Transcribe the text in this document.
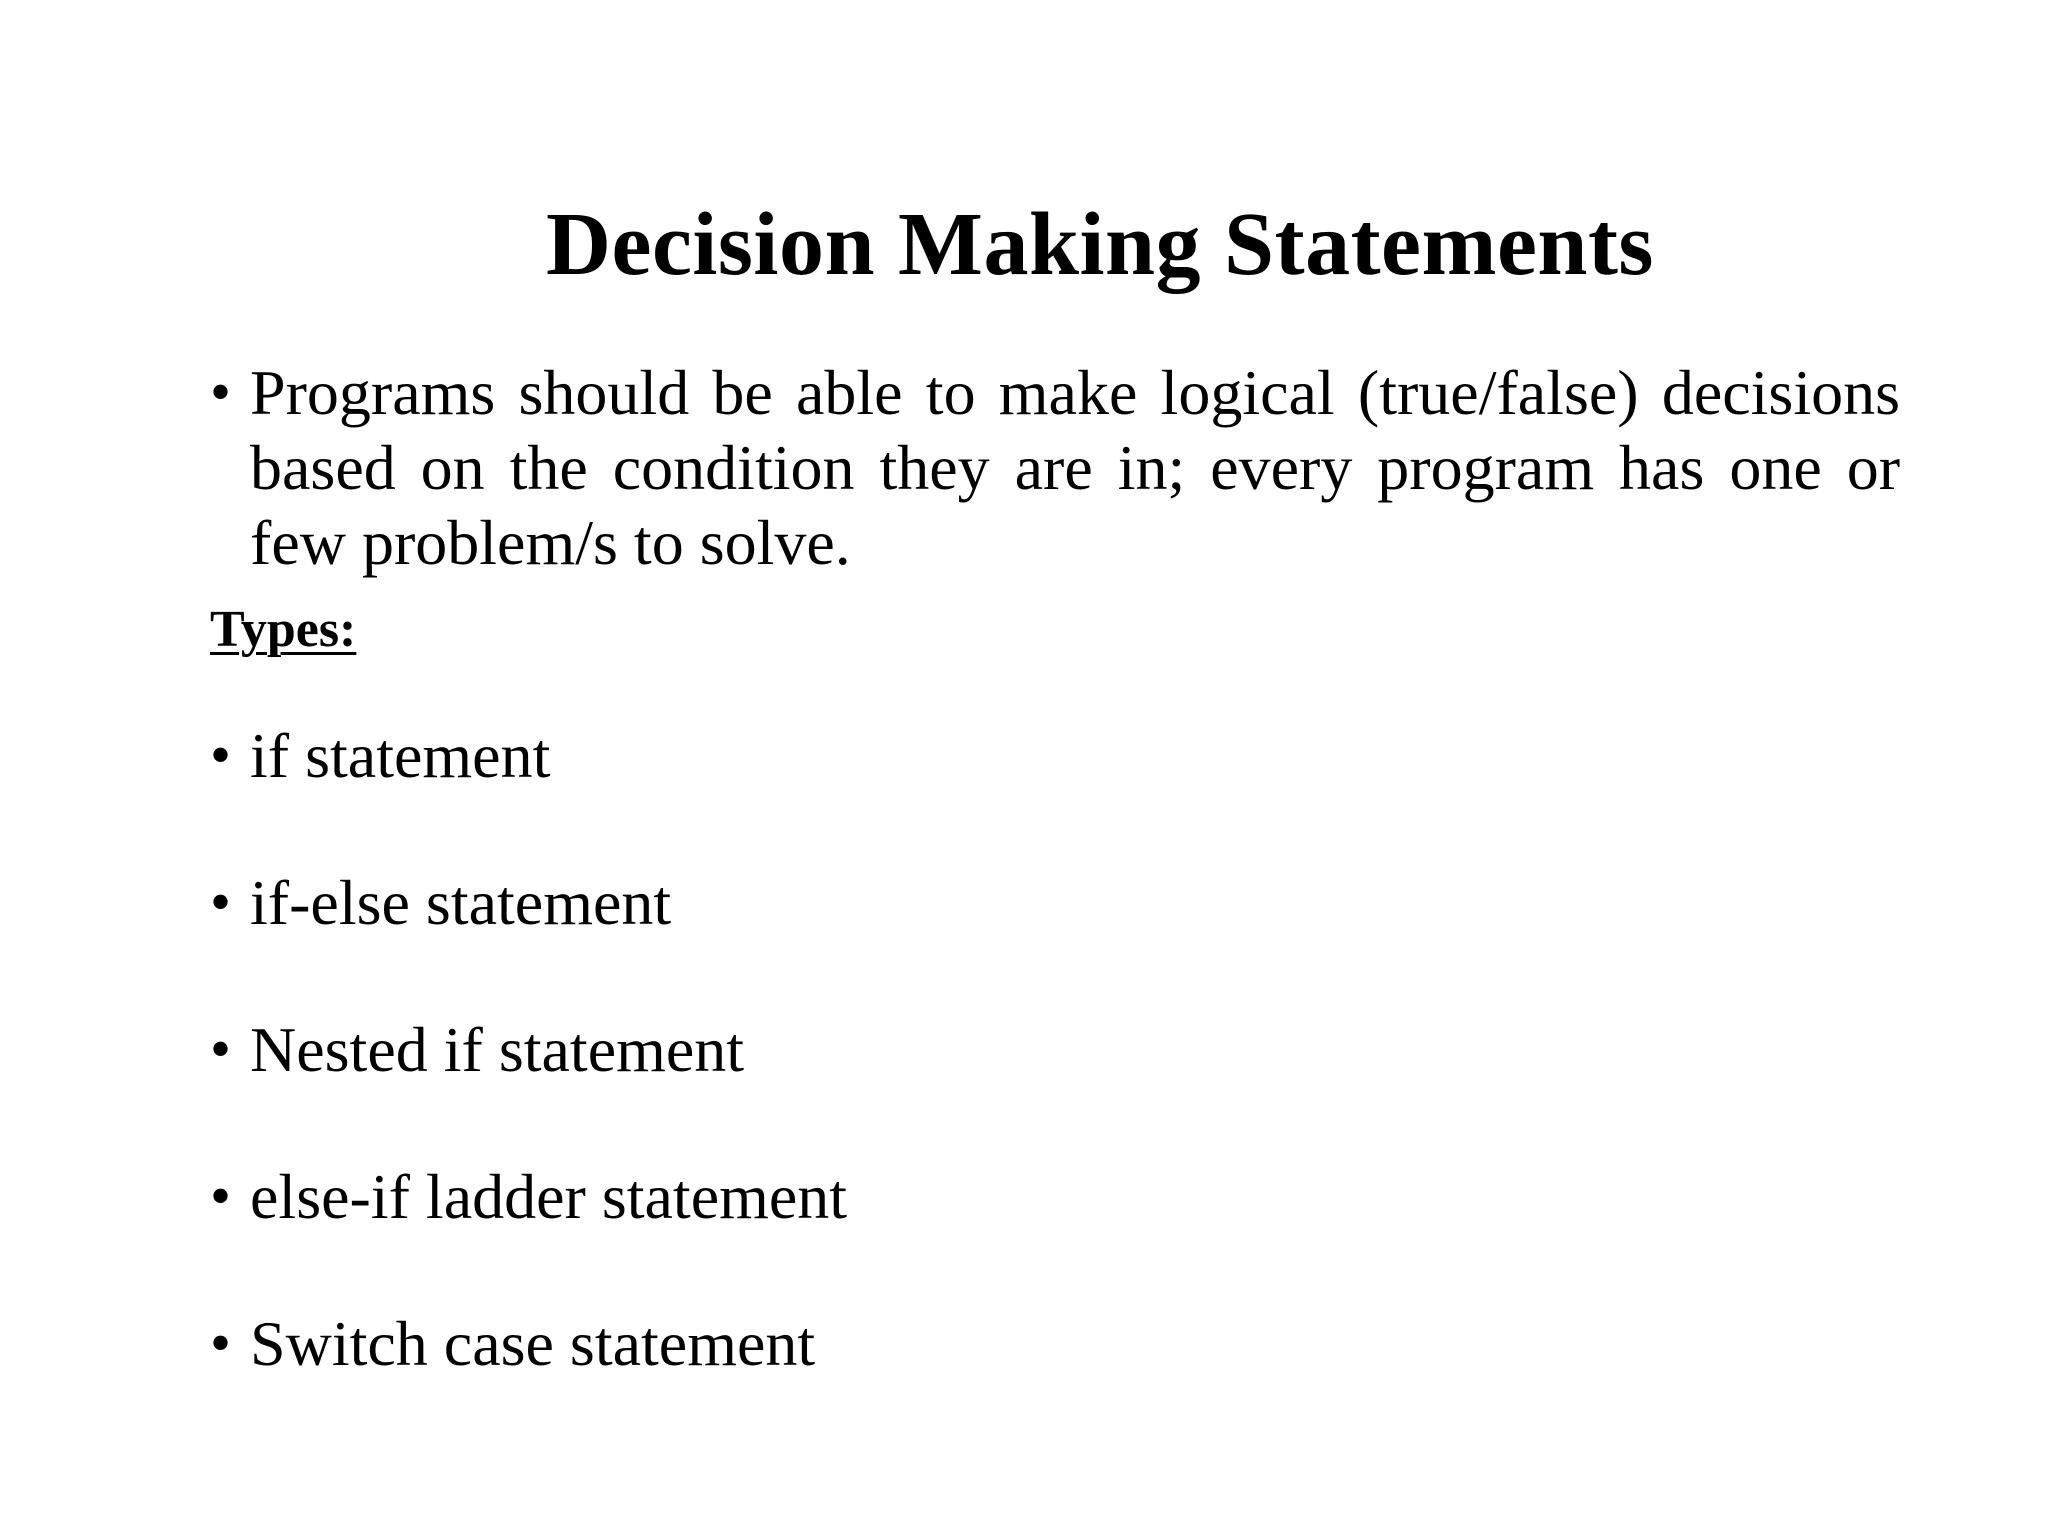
Decision Making Statements
• Programs should be able to make logical (true/false) decisions based on the condition they are in; every program has one or few problem/s to solve.
Types:
• if statement
• if-else statement
• Nested if statement
• else-if ladder statement
• Switch case statement
